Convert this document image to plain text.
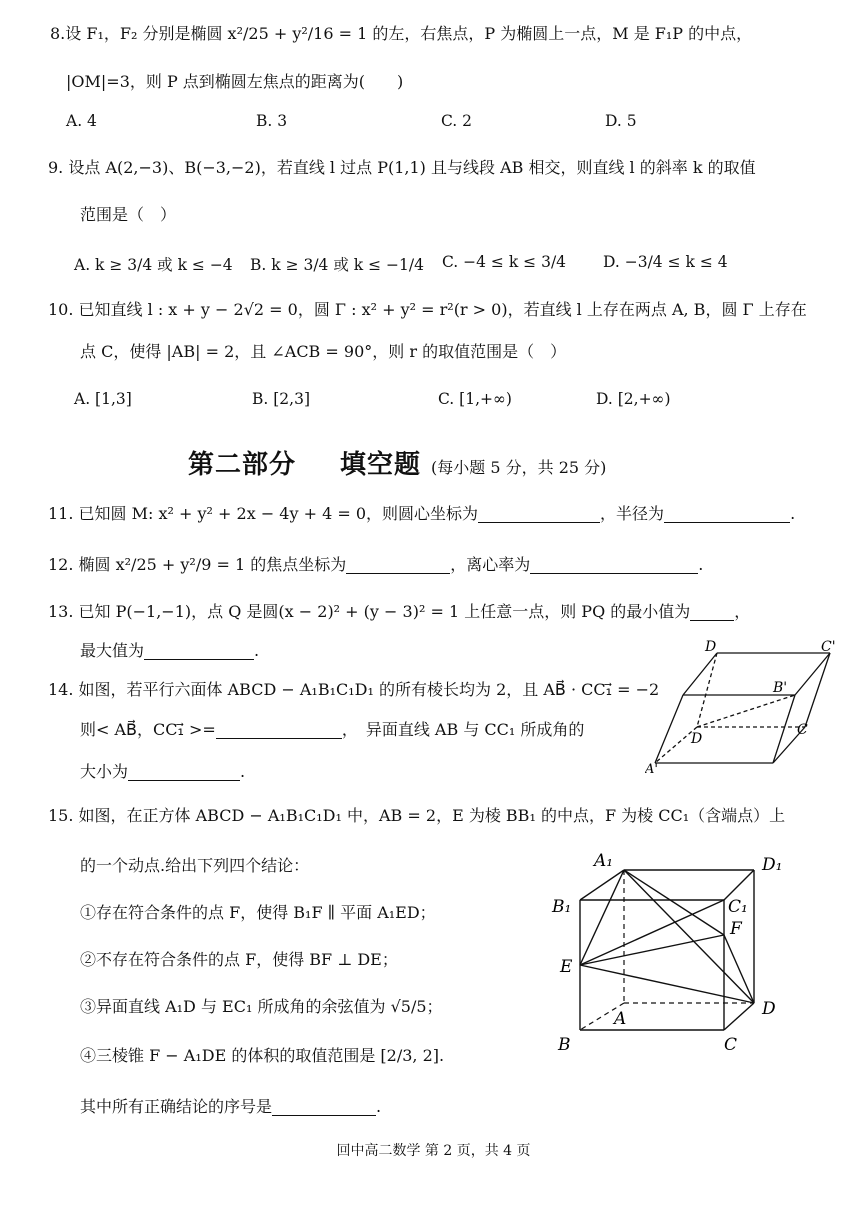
8.设 F₁，F₂ 分别是椭圆 x²/25 + y²/16 = 1 的左，右焦点，P 为椭圆上一点，M 是 F₁P 的中点，
|OM|=3，则 P 点到椭圆左焦点的距离为(　　)
A. 4	B. 3	C. 2	D. 5
9. 设点 A(2,−3)、B(−3,−2)，若直线 l 过点 P(1,1) 且与线段 AB 相交，则直线 l 的斜率 k 的取值
范围是（　）
A. k ≥ 3/4 或 k ≤ −4 B. k ≥ 3/4 或 k ≤ −1/4 C. −4 ≤ k ≤ 3/4 D. −3/4 ≤ k ≤ 4
10. 已知直线 l : x + y − 2√2 = 0，圆 Γ : x² + y² = r²(r > 0)，若直线 l 上存在两点 A, B，圆 Γ 上存在
点 C，使得 |AB| = 2，且 ∠ACB = 90°，则 r 的取值范围是（　）
A. [1,3]	B. [2,3]	C. [1,+∞)	D. [2,+∞)
第二部分 填空题 (每小题 5 分，共 25 分)
11. 已知圆 M: x² + y² + 2x − 4y + 4 = 0，则圆心坐标为	，半径为	.
12. 椭圆 x²/25 + y²/9 = 1 的焦点坐标为	，离心率为	.
13. 已知 P(−1,−1)，点 Q 是圆(x − 2)² + (y − 3)² = 1 上任意一点，则 PQ 的最小值为	，
最大值为	.
14. 如图，若平行六面体 ABCD − A₁B₁C₁D₁ 的所有棱长均为 2，且 AB⃗ · CC₁⃗ = −2
则< AB⃗，CC₁⃗ >=	，　异面直线 AB 与 CC₁ 所成角的
大小为	.
D	C'
B'
D
C
A'
15. 如图，在正方体 ABCD − A₁B₁C₁D₁ 中，AB = 2，E 为棱 BB₁ 的中点，F 为棱 CC₁（含端点）上
的一个动点.给出下列四个结论：
①存在符合条件的点 F，使得 B₁F ∥ 平面 A₁ED；
②不存在符合条件的点 F，使得 BF ⊥ DE；
③异面直线 A₁D 与 EC₁ 所成角的余弦值为 √5/5；
④三棱锥 F − A₁DE 的体积的取值范围是 [2/3, 2].
其中所有正确结论的序号是	.
A₁	D₁
B₁	C₁
F
E
A	D
B	C
回中高二数学 第 2 页，共 4 页
